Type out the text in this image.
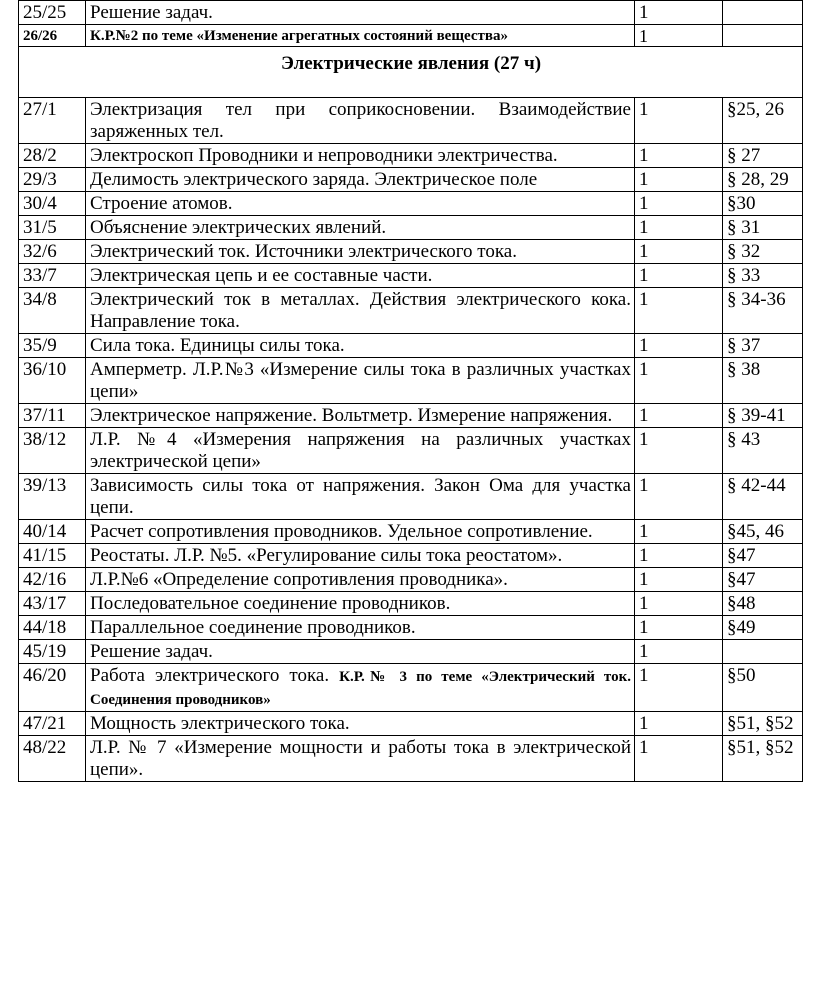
25/25	Решение задач.	1	
26/26	К.Р.№2 по теме «Изменение агрегатных состояний вещества»	1	
Электрические явления (27 ч)			
27/1	Электризация тел при соприкосновении. Взаимодействие заряженных тел.	1	§25, 26
28/2	Электроскоп Проводники и непроводники электричества.	1	§ 27
29/3	Делимость электрического заряда. Электрическое поле	1	§ 28, 29
30/4	Строение атомов.	1	§30
31/5	Объяснение электрических явлений.	1	§ 31
32/6	Электрический ток. Источники электрического тока.	1	§ 32
33/7	Электрическая цепь и ее составные части.	1	§ 33
34/8	Электрический ток в металлах. Действия электрического кока. Направление тока.	1	§ 34-36
35/9	Сила тока. Единицы силы тока.	1	§ 37
36/10	Амперметр. Л.Р.№3 «Измерение силы тока в различных участках цепи»	1	§ 38
37/11	Электрическое напряжение. Вольтметр. Измерение напряжения.	1	§ 39-41
38/12	Л.Р. №4 «Измерения напряжения на различных участках электрической цепи»	1	§ 43
39/13	Зависимость силы тока от напряжения. Закон Ома для участка цепи.	1	§ 42-44
40/14	Расчет сопротивления проводников. Удельное сопротивление.	1	§45, 46
41/15	Реостаты. Л.Р. №5. «Регулирование силы тока реостатом».	1	§47
42/16	Л.Р.№6 «Определение сопротивления проводника».	1	§47
43/17	Последовательное соединение проводников.	1	§48
44/18	Параллельное соединение проводников.	1	§49
45/19	Решение задач.	1	
46/20	Работа электрического тока. К.Р.№ 3 по теме «Электрический ток. Соединения проводников»	1	§50
47/21	Мощность электрического тока.	1	§51, §52
48/22	Л.Р. № 7 «Измерение мощности и работы тока в электрической цепи».	1	§51, §52
